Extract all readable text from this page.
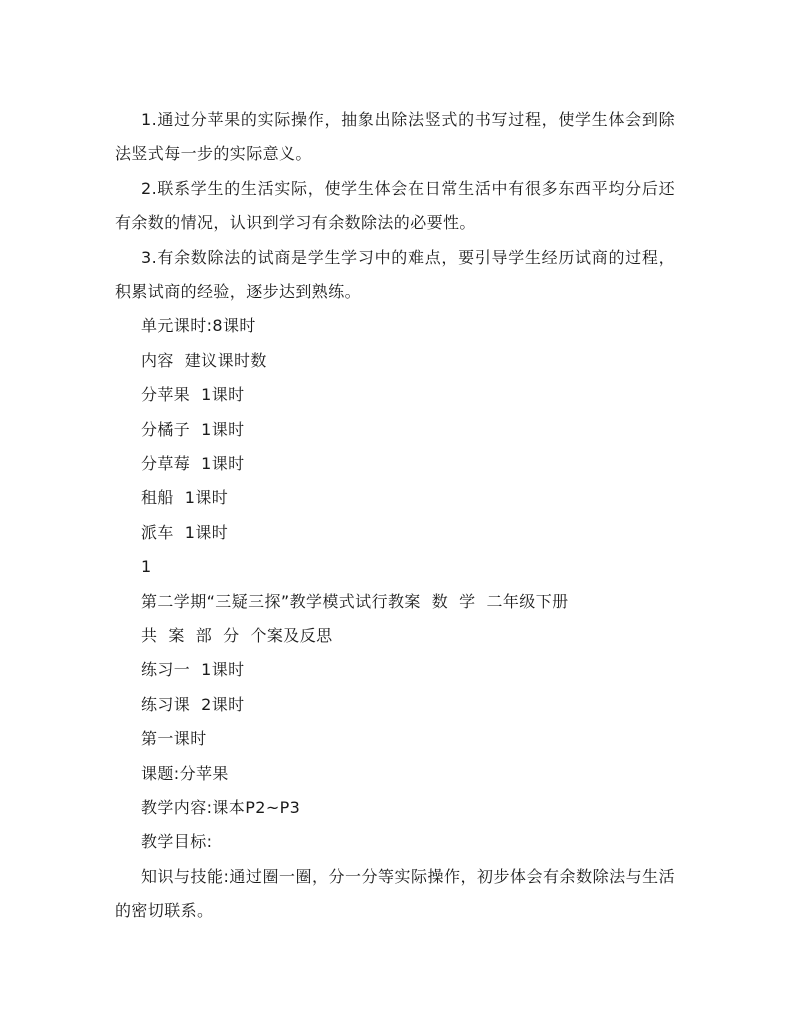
1.通过分苹果的实际操作，抽象出除法竖式的书写过程，使学生体会到除法竖式每一步的实际意义。

2.联系学生的生活实际，使学生体会在日常生活中有很多东西平均分后还有余数的情况，认识到学习有余数除法的必要性。

3.有余数除法的试商是学生学习中的难点，要引导学生经历试商的过程，积累试商的经验，逐步达到熟练。

单元课时:8课时
内容  建议课时数
分苹果  1课时
分橘子  1课时
分草莓  1课时
租船  1课时
派车  1课时
1
第二学期“三疑三探”教学模式试行教案  数  学  二年级下册
共  案  部  分  个案及反思
练习一  1课时
练习课  2课时
第一课时
课题:分苹果
教学内容:课本P2~P3
教学目标:

知识与技能:通过圈一圈，分一分等实际操作，初步体会有余数除法与生活的密切联系。
